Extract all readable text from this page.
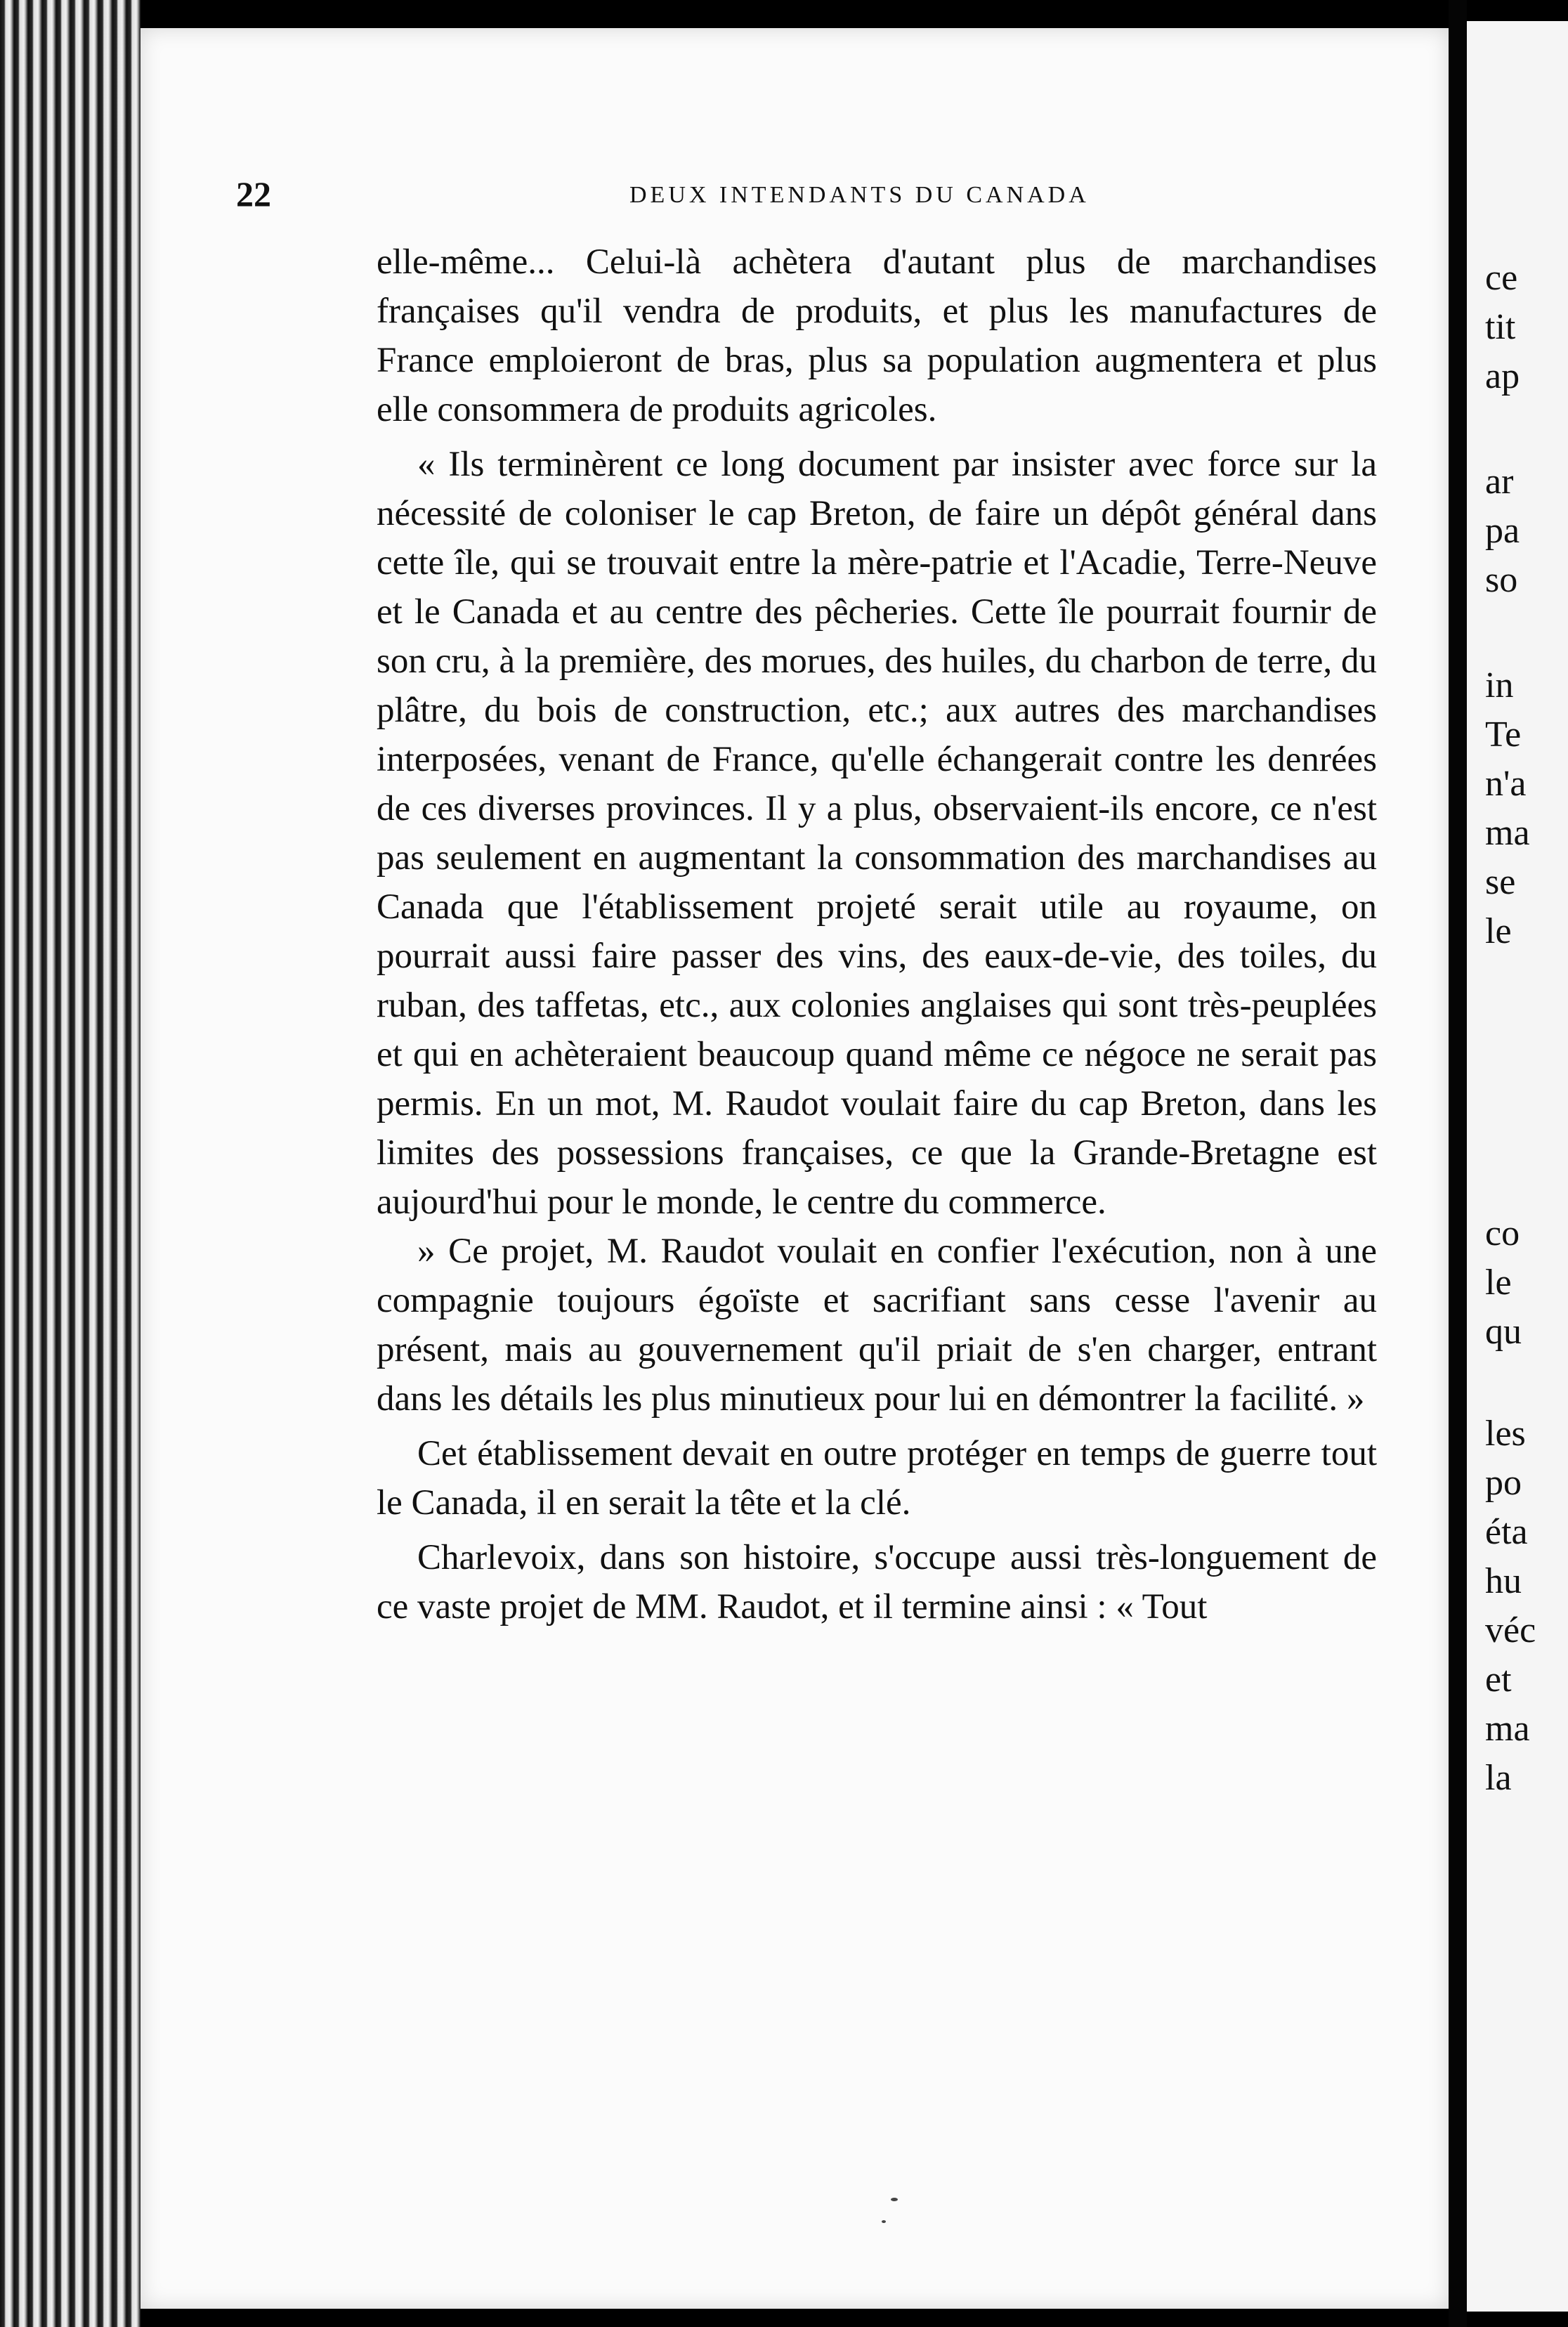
22	DEUX INTENDANTS DU CANADA

elle-même... Celui-là achètera d'autant plus de marchandises françaises qu'il vendra de produits, et plus les manufactures de France emploieront de bras, plus sa population augmentera et plus elle consommera de produits agricoles.

« Ils terminèrent ce long document par insister avec force sur la nécessité de coloniser le cap Breton, de faire un dépôt général dans cette île, qui se trouvait entre la mère-patrie et l'Acadie, Terre-Neuve et le Canada et au centre des pêcheries. Cette île pourrait fournir de son cru, à la première, des morues, des huiles, du charbon de terre, du plâtre, du bois de construction, etc.; aux autres des marchandises interposées, venant de France, qu'elle échangerait contre les denrées de ces diverses provinces. Il y a plus, observaient-ils encore, ce n'est pas seulement en augmentant la consommation des marchandises au Canada que l'établissement projeté serait utile au royaume, on pourrait aussi faire passer des vins, des eaux-de-vie, des toiles, du ruban, des taffetas, etc., aux colonies anglaises qui sont très-peuplées et qui en achèteraient beaucoup quand même ce négoce ne serait pas permis. En un mot, M. Raudot voulait faire du cap Breton, dans les limites des possessions françaises, ce que la Grande-Bretagne est aujourd'hui pour le monde, le centre du commerce.

» Ce projet, M. Raudot voulait en confier l'exécution, non à une compagnie toujours égoïste et sacrifiant sans cesse l'avenir au présent, mais au gouvernement qu'il priait de s'en charger, entrant dans les détails les plus minutieux pour lui en démontrer la facilité. »

Cet établissement devait en outre protéger en temps de guerre tout le Canada, il en serait la tête et la clé.

Charlevoix, dans son histoire, s'occupe aussi très-longuement de ce vaste projet de MM. Raudot, et il termine ainsi : « Tout

ce
tit
ap
ar
pa
so
in
Te
n'a
ma
se
le
co
le
qu
les
po
éta
hu
véc
et
ma
la
